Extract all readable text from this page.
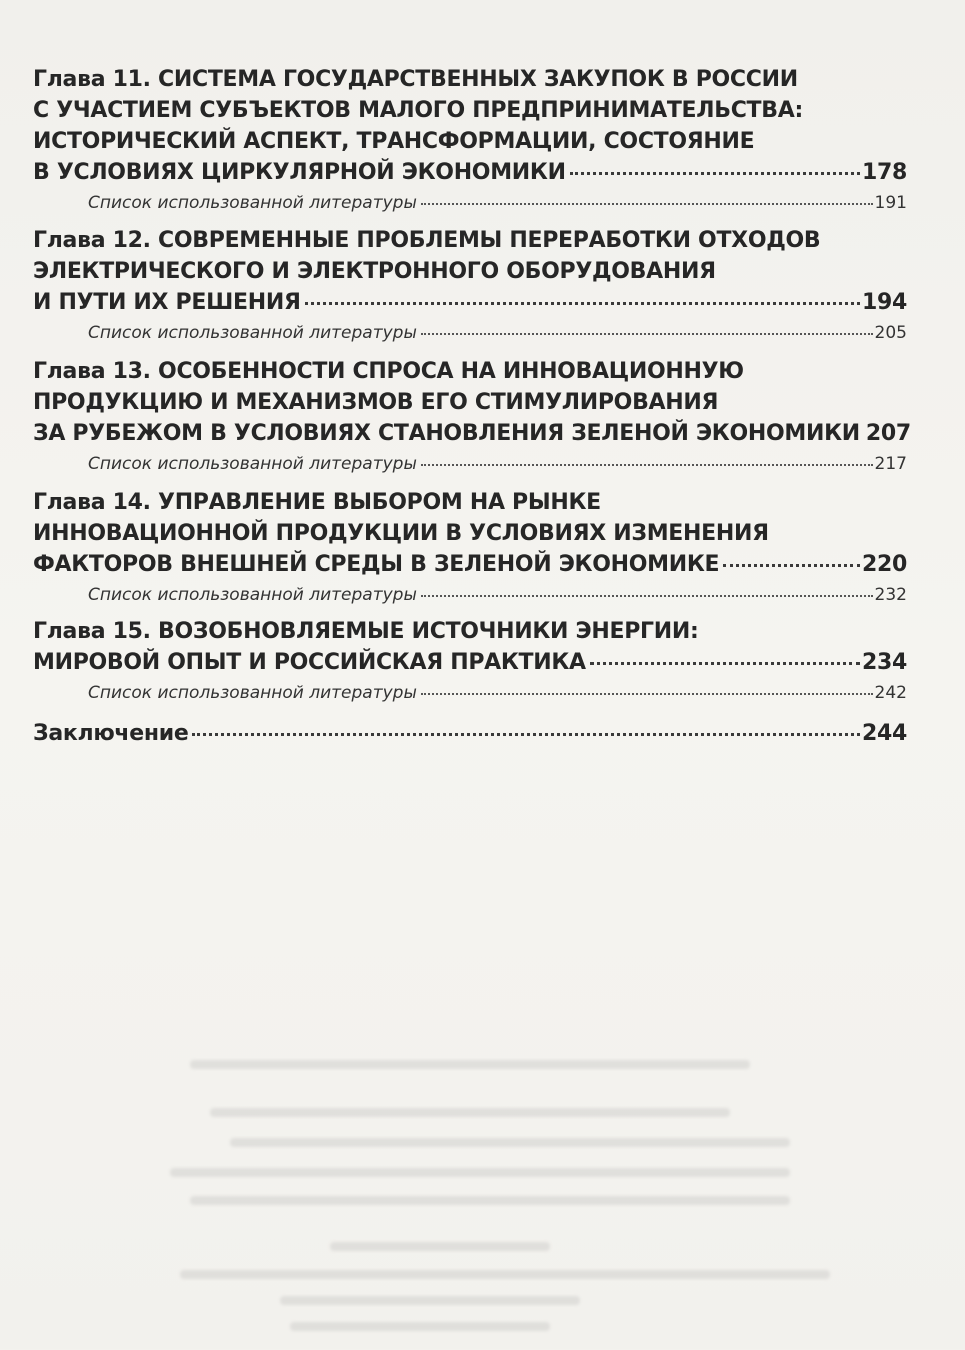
Глава 11. СИСТЕМА ГОСУДАРСТВЕННЫХ ЗАКУПОК В РОССИИ
С УЧАСТИЕМ СУБЪЕКТОВ МАЛОГО ПРЕДПРИНИМАТЕЛЬСТВА:
ИСТОРИЧЕСКИЙ АСПЕКТ, ТРАНСФОРМАЦИИ, СОСТОЯНИЕ
В УСЛОВИЯХ ЦИРКУЛЯРНОЙ ЭКОНОМИКИ	178
Список использованной литературы	191
Глава 12. СОВРЕМЕННЫЕ ПРОБЛЕМЫ ПЕРЕРАБОТКИ ОТХОДОВ
ЭЛЕКТРИЧЕСКОГО И ЭЛЕКТРОННОГО ОБОРУДОВАНИЯ
И ПУТИ ИХ РЕШЕНИЯ	194
Список использованной литературы	205
Глава 13. ОСОБЕННОСТИ СПРОСА НА ИННОВАЦИОННУЮ
ПРОДУКЦИЮ И МЕХАНИЗМОВ ЕГО СТИМУЛИРОВАНИЯ
ЗА РУБЕЖОМ В УСЛОВИЯХ СТАНОВЛЕНИЯ ЗЕЛЕНОЙ ЭКОНОМИКИ 207
Список использованной литературы	217
Глава 14. УПРАВЛЕНИЕ ВЫБОРОМ НА РЫНКЕ
ИННОВАЦИОННОЙ ПРОДУКЦИИ В УСЛОВИЯХ ИЗМЕНЕНИЯ
ФАКТОРОВ ВНЕШНЕЙ СРЕДЫ В ЗЕЛЕНОЙ ЭКОНОМИКЕ	220
Список использованной литературы	232
Глава 15. ВОЗОБНОВЛЯЕМЫЕ ИСТОЧНИКИ ЭНЕРГИИ:
МИРОВОЙ ОПЫТ И РОССИЙСКАЯ ПРАКТИКА	234
Список использованной литературы	242
Заключение	244
